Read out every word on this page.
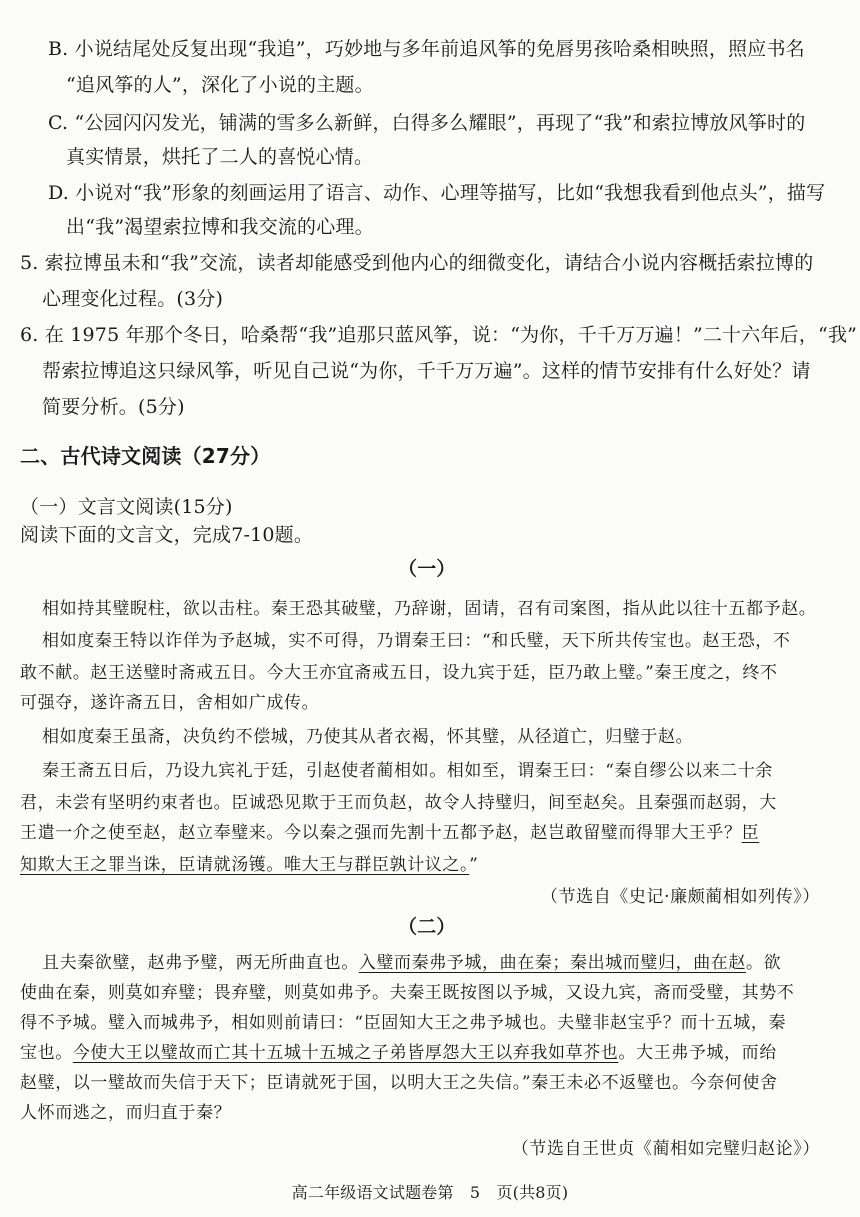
B. 小说结尾处反复出现“我追”，巧妙地与多年前追风筝的免唇男孩哈桑相映照，照应书名
“追风筝的人”，深化了小说的主题。
C. “公园闪闪发光，铺满的雪多么新鲜，白得多么耀眼”，再现了“我”和索拉博放风筝时的
真实情景，烘托了二人的喜悦心情。
D. 小说对“我”形象的刻画运用了语言、动作、心理等描写，比如“我想我看到他点头”，描写
出“我”渴望索拉博和我交流的心理。
5. 索拉博虽未和“我”交流，读者却能感受到他内心的细微变化，请结合小说内容概括索拉博的
心理变化过程。(3分)
6. 在 1975 年那个冬日，哈桑帮“我”追那只蓝风筝，说：“为你，千千万万遍！”二十六年后，“我”
帮索拉博追这只绿风筝，听见自己说“为你，千千万万遍”。这样的情节安排有什么好处？请
简要分析。(5分)
二、古代诗文阅读（27分）
（一）文言文阅读(15分)
阅读下面的文言文，完成7-10题。
（一）
相如持其璧睨柱，欲以击柱。秦王恐其破璧，乃辞谢，固请，召有司案图，指从此以往十五都予赵。
相如度秦王特以诈佯为予赵城，实不可得，乃谓秦王曰：“和氏璧，天下所共传宝也。赵王恐，不
敢不献。赵王送璧时斋戒五日。今大王亦宜斋戒五日，设九宾于廷，臣乃敢上璧。”秦王度之，终不
可强夺，遂许斋五日，舍相如广成传。
相如度秦王虽斋，决负约不偿城，乃使其从者衣褐，怀其璧，从径道亡，归璧于赵。
秦王斋五日后，乃设九宾礼于廷，引赵使者蔺相如。相如至，谓秦王曰：“秦自缪公以来二十余
君，未尝有坚明约束者也。臣诚恐见欺于王而负赵，故令人持璧归，间至赵矣。且秦强而赵弱，大
王遣一介之使至赵，赵立奉璧来。今以秦之强而先割十五都予赵，赵岂敢留璧而得罪大王乎？臣
知欺大王之罪当诛，臣请就汤镬。唯大王与群臣孰计议之。”
（节选自《史记·廉颇蔺相如列传》）
（二）
且夫秦欲璧，赵弗予璧，两无所曲直也。入璧而秦弗予城，曲在秦；秦出城而璧归，曲在赵。欲
使曲在秦，则莫如弃璧；畏弃璧，则莫如弗予。夫秦王既按图以予城，又设九宾，斋而受璧，其势不
得不予城。璧入而城弗予，相如则前请曰：“臣固知大王之弗予城也。夫璧非赵宝乎？而十五城，秦
宝也。今使大王以璧故而亡其十五城十五城之子弟皆厚怨大王以弃我如草芥也。大王弗予城，而绐
赵璧，以一璧故而失信于天下；臣请就死于国，以明大王之失信。”秦王未必不返璧也。今奈何使舍
人怀而逃之，而归直于秦？
（节选自王世贞《蔺相如完璧归赵论》）
高二年级语文试题卷第　5　页(共8页)
